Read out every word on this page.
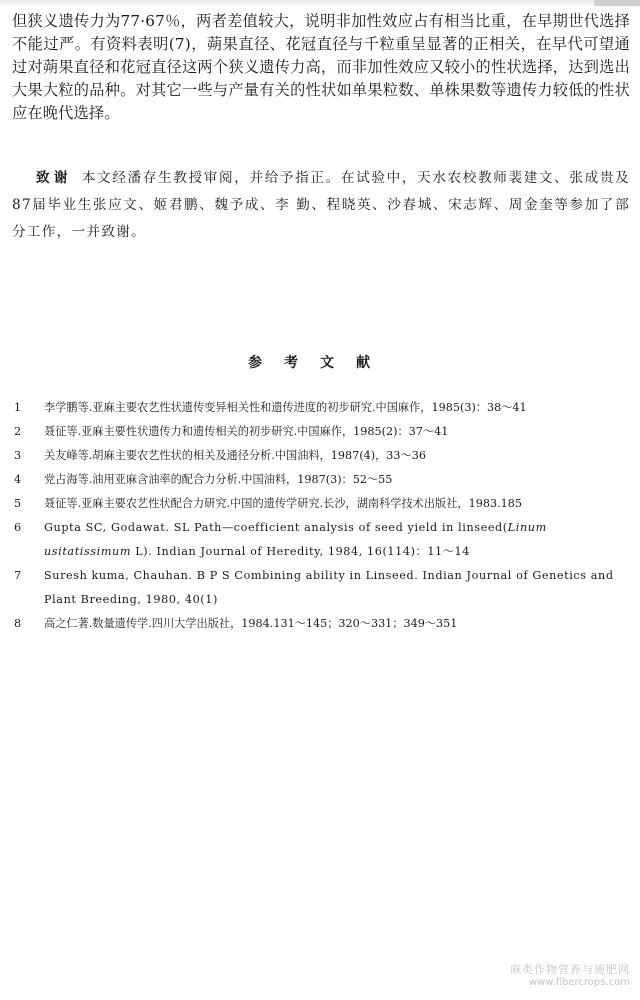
但狭义遗传力为77·67％，两者差值较大，说明非加性效应占有相当比重，在早期世代选择不能过严。有资料表明(7)，蒴果直径、花冠直径与千粒重呈显著的正相关，在早代可望通过对蒴果直径和花冠直径这两个狭义遗传力高，而非加性效应又较小的性状选择，达到选出大果大粒的品种。对其它一些与产量有关的性状如单果粒数、单株果数等遗传力较低的性状应在晚代选择。

致谢 本文经潘存生教授审阅，并给予指正。在试验中，天水农校教师裴建文、张成贵及87届毕业生张应文、姬君鹏、魏予成、李 勤、程晓英、沙春城、宋志辉、周金奎等参加了部分工作，一并致谢。

参考文献
1	李学鹏等.亚麻主要农艺性状遗传变异相关性和遗传进度的初步研究.中国麻作，1985(3)：38～41
2	聂征等.亚麻主要性状遗传力和遗传相关的初步研究.中国麻作，1985(2)：37～41
3	关友峰等.胡麻主要农艺性状的相关及通径分析.中国油料，1987(4)，33～36
4	党占海等.油用亚麻含油率的配合力分析.中国油料，1987(3)：52～55
5	聂征等.亚麻主要农艺性状配合力研究.中国的遗传学研究.长沙，湖南科学技术出版社，1983.185
6	Gupta SC, Godawat. SL Path—coefficient analysis of seed yield in linseed(Linum usitatissimum L). Indian Journal of Heredity, 1984, 16(114)：11～14
7	Suresh kuma, Chauhan. B P S Combining ability in Linseed. Indian Journal of Genetics and Plant Breeding, 1980, 40(1)
8	高之仁著.数量遗传学.四川大学出版社，1984.131～145；320～331；349～351
麻类作物营养与施肥网
www.fibercrops.com
